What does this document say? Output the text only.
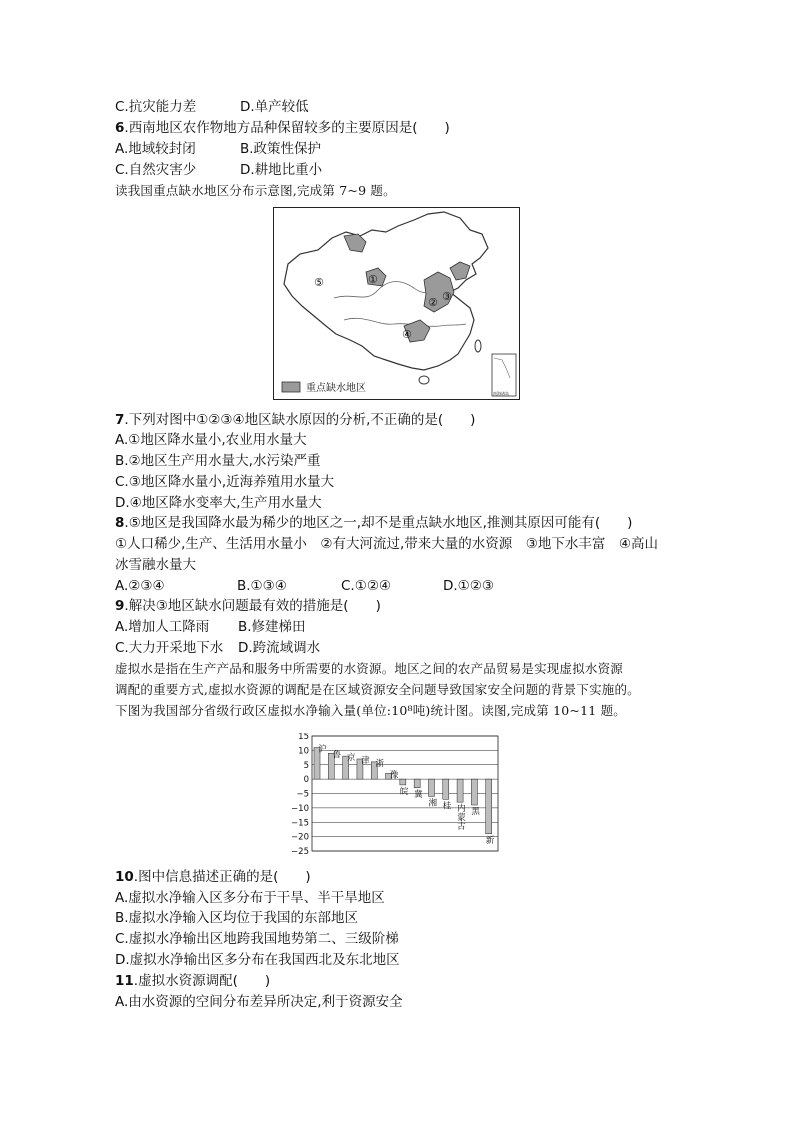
C.抗灾能力差	D.单产较低
6.西南地区农作物地方品种保留较多的主要原因是(　　)
A.地域较封闭	B.政策性保护
C.自然灾害少	D.耕地比重小
读我国重点缺水地区分布示意图,完成第 7~9 题。
⑤	①
② ③
④
南海诸岛
重点缺水地区
7.下列对图中①②③④地区缺水原因的分析,不正确的是(　　)
A.①地区降水量小,农业用水量大
B.②地区生产用水量大,水污染严重
C.③地区降水量小,近海养殖用水量大
D.④地区降水变率大,生产用水量大
8.⑤地区是我国降水最为稀少的地区之一,却不是重点缺水地区,推测其原因可能有(　　)
①人口稀少,生产、生活用水量小　②有大河流过,带来大量的水资源　③地下水丰富　④高山
冰雪融水量大
A.②③④	B.①③④	C.①②④	D.①②③
9.解决③地区缺水问题最有效的措施是(　　)
A.增加人工降雨 B.修建梯田
C.大力开采地下水 D.跨流域调水
虚拟水是指在生产产品和服务中所需要的水资源。地区之间的农产品贸易是实现虚拟水资源
调配的重要方式,虚拟水资源的调配是在区域资源安全问题导致国家安全问题的背景下实施的。
下图为我国部分省级行政区虚拟水净输入量(单位:10⁸吨)统计图。读图,完成第 10~11 题。
15
10
5
0
−5
−10
−15
−20
−25
沪
鲁 京 津 浙
豫
皖 冀
湘 桂 内
蒙
古
黑
新
10.图中信息描述正确的是(　　)
A.虚拟水净输入区多分布于干旱、半干旱地区
B.虚拟水净输入区均位于我国的东部地区
C.虚拟水净输出区地跨我国地势第二、三级阶梯
D.虚拟水净输出区多分布在我国西北及东北地区
11.虚拟水资源调配(　　)
A.由水资源的空间分布差异所决定,利于资源安全
